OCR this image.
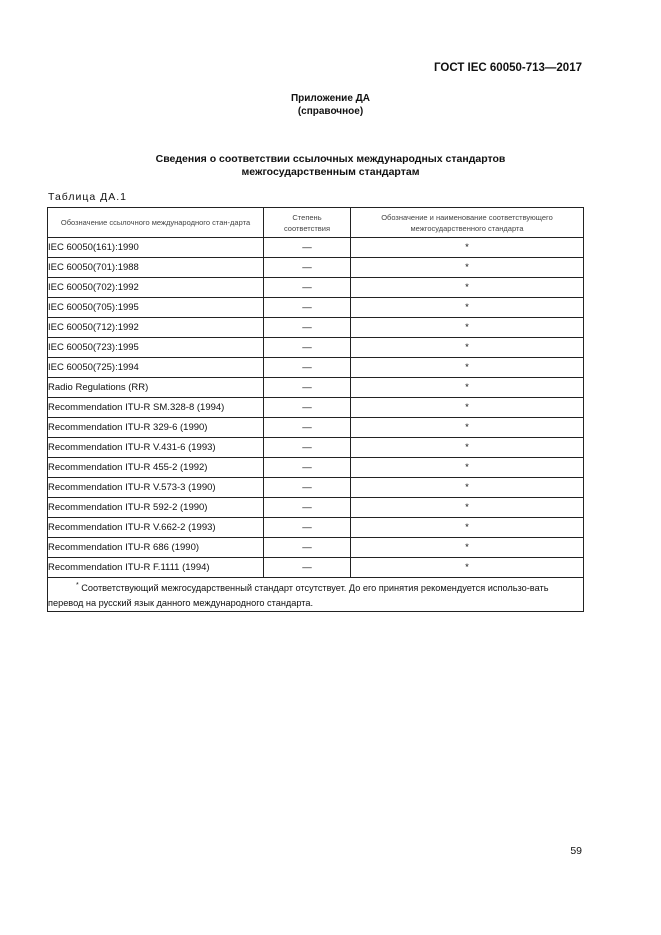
ГОСТ IEC 60050-713—2017
Приложение ДА
(справочное)
Сведения о соответствии ссылочных международных стандартов
межгосударственным стандартам
Таблица ДА.1
Обозначение ссылочного международного стан-дарта	Степень соответствия	Обозначение и наименование соответствующего межгосударственного стандарта
IEC 60050(161):1990	—	*
IEC 60050(701):1988	—	*
IEC 60050(702):1992	—	*
IEC 60050(705):1995	—	*
IEC 60050(712):1992	—	*
IEC 60050(723):1995	—	*
IEC 60050(725):1994	—	*
Radio Regulations (RR)	—	*
Recommendation ITU-R SM.328-8 (1994)	—	*
Recommendation ITU-R 329-6 (1990)	—	*
Recommendation ITU-R V.431-6 (1993)	—	*
Recommendation ITU-R 455-2 (1992)	—	*
Recommendation ITU-R V.573-3 (1990)	—	*
Recommendation ITU-R 592-2 (1990)	—	*
Recommendation ITU-R V.662-2 (1993)	—	*
Recommendation ITU-R 686 (1990)	—	*
Recommendation ITU-R F.1111 (1994)	—	*
* Соответствующий межгосударственный стандарт отсутствует. До его принятия рекомендуется использо-вать перевод на русский язык данного международного стандарта.		
59
